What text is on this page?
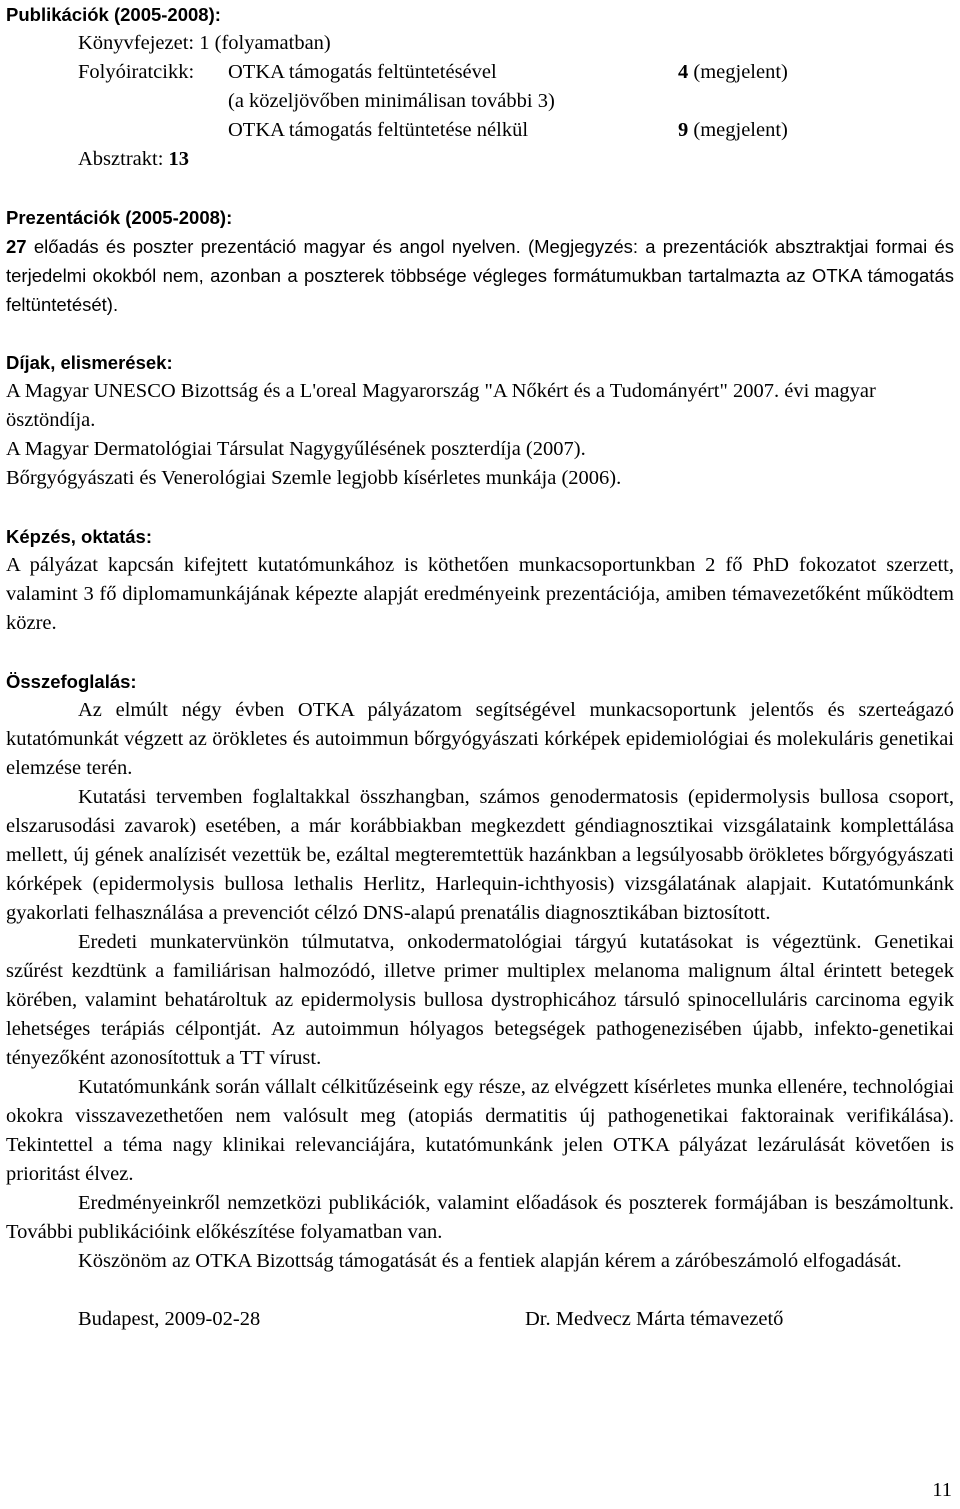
Publikációk (2005-2008):
Könyvfejezet: 1 (folyamatban)
Folyóiratcikk:	OTKA támogatás feltüntetésével	4 (megjelent)
(a közeljövőben minimálisan további 3)
OTKA támogatás feltüntetése nélkül	9 (megjelent)
Absztrakt: 13
Prezentációk (2005-2008):
27 előadás és poszter prezentáció magyar és angol nyelven. (Megjegyzés: a prezentációk absztraktjai formai és terjedelmi okokból nem, azonban a poszterek többsége végleges formátumukban tartalmazta az OTKA támogatás feltüntetését).
Díjak, elismerések:
A Magyar UNESCO Bizottság és a L'oreal Magyarország "A Nőkért és a Tudományért" 2007. évi magyar ösztöndíja.
A Magyar Dermatológiai Társulat Nagygyűlésének poszterdíja (2007).
Bőrgyógyászati és Venerológiai Szemle legjobb kísérletes munkája (2006).
Képzés, oktatás:
A pályázat kapcsán kifejtett kutatómunkához is köthetően munkacsoportunkban 2 fő PhD fokozatot szerzett, valamint 3 fő diplomamunkájának képezte alapját eredményeink prezentációja, amiben témavezetőként működtem közre.
Összefoglalás:
Az elmúlt négy évben OTKA pályázatom segítségével munkacsoportunk jelentős és szerteágazó kutatómunkát végzett az örökletes és autoimmun bőrgyógyászati kórképek epidemiológiai és molekuláris genetikai elemzése terén.
Kutatási tervemben foglaltakkal összhangban, számos genodermatosis (epidermolysis bullosa csoport, elszarusodási zavarok) esetében, a már korábbiakban megkezdett géndiagnosztikai vizsgálataink komplettálása mellett, új gének analízisét vezettük be, ezáltal megteremtettük hazánkban a legsúlyosabb örökletes bőrgyógyászati kórképek (epidermolysis bullosa lethalis Herlitz, Harlequin-ichthyosis) vizsgálatának alapjait. Kutatómunkánk gyakorlati felhasználása a prevenciót célzó DNS-alapú prenatális diagnosztikában biztosított.
Eredeti munkatervünkön túlmutatva, onkodermatológiai tárgyú kutatásokat is végeztünk. Genetikai szűrést kezdtünk a familiárisan halmozódó, illetve primer multiplex melanoma malignum által érintett betegek körében, valamint behatároltuk az epidermolysis bullosa dystrophicához társuló spinocelluláris carcinoma egyik lehetséges terápiás célpontját. Az autoimmun hólyagos betegségek pathogenezisében újabb, infekto-genetikai tényezőként azonosítottuk a TT vírust.
Kutatómunkánk során vállalt célkitűzéseink egy része, az elvégzett kísérletes munka ellenére, technológiai okokra visszavezethetően nem valósult meg (atopiás dermatitis új pathogenetikai faktorainak verifikálása). Tekintettel a téma nagy klinikai relevanciájára, kutatómunkánk jelen OTKA pályázat lezárulását követően is prioritást élvez.
Eredményeinkről nemzetközi publikációk, valamint előadások és poszterek formájában is beszámoltunk. További publikációink előkészítése folyamatban van.
Köszönöm az OTKA Bizottság támogatását és a fentiek alapján kérem a záróbeszámoló elfogadását.
Budapest, 2009-02-28	Dr. Medvecz Márta témavezető
11
